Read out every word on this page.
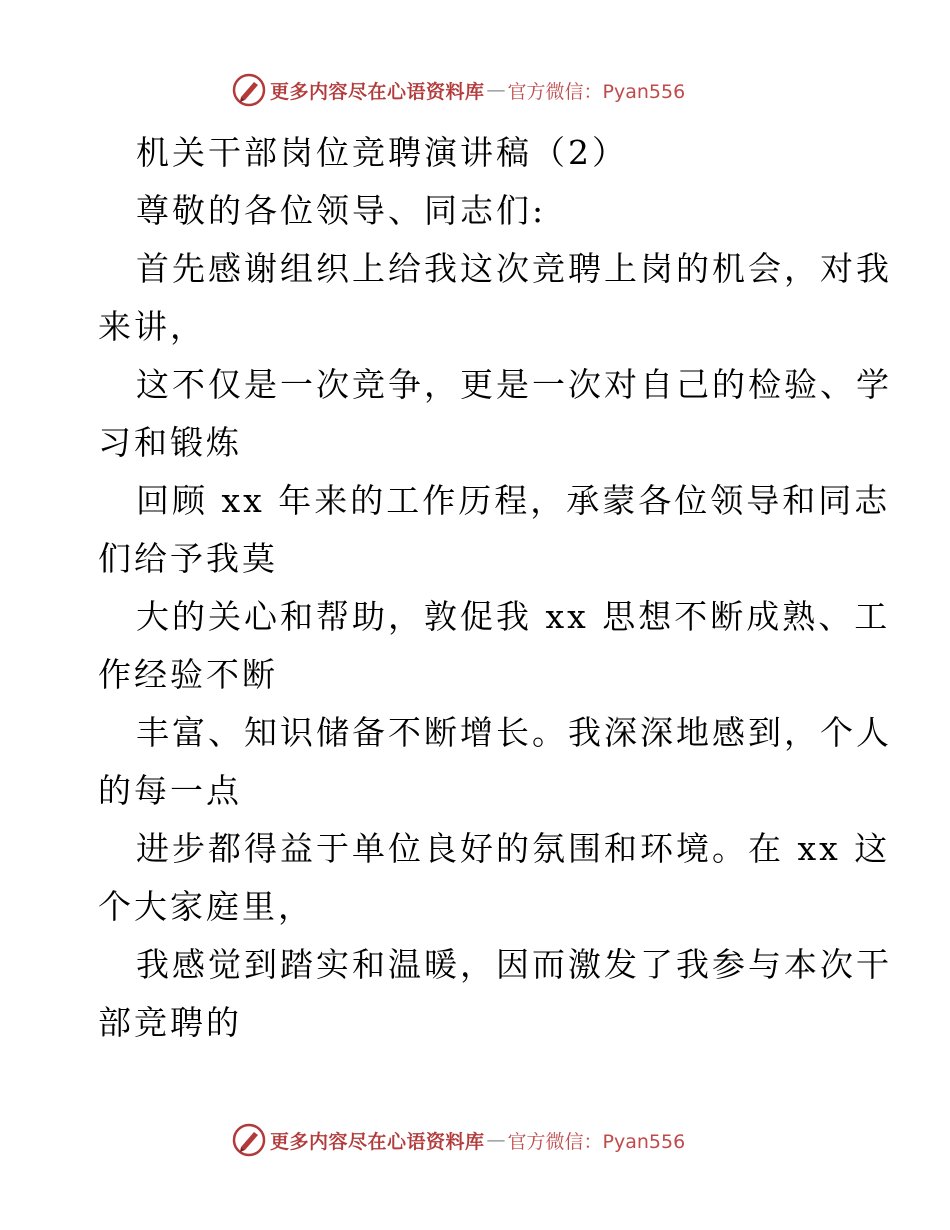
更多内容尽在心语资料库 — 官方微信：Pyan556
机关干部岗位竞聘演讲稿（2）
尊敬的各位领导、同志们:
首先感谢组织上给我这次竞聘上岗的机会，对我
来讲，
这不仅是一次竞争，更是一次对自己的检验、学
习和锻炼
回顾 xx 年来的工作历程，承蒙各位领导和同志
们给予我莫
大的关心和帮助，敦促我 xx 思想不断成熟、工
作经验不断
丰富、知识储备不断增长。我深深地感到，个人
的每一点
进步都得益于单位良好的氛围和环境。在 xx 这
个大家庭里，
我感觉到踏实和温暖，因而激发了我参与本次干
部竞聘的
更多内容尽在心语资料库 — 官方微信：Pyan556
